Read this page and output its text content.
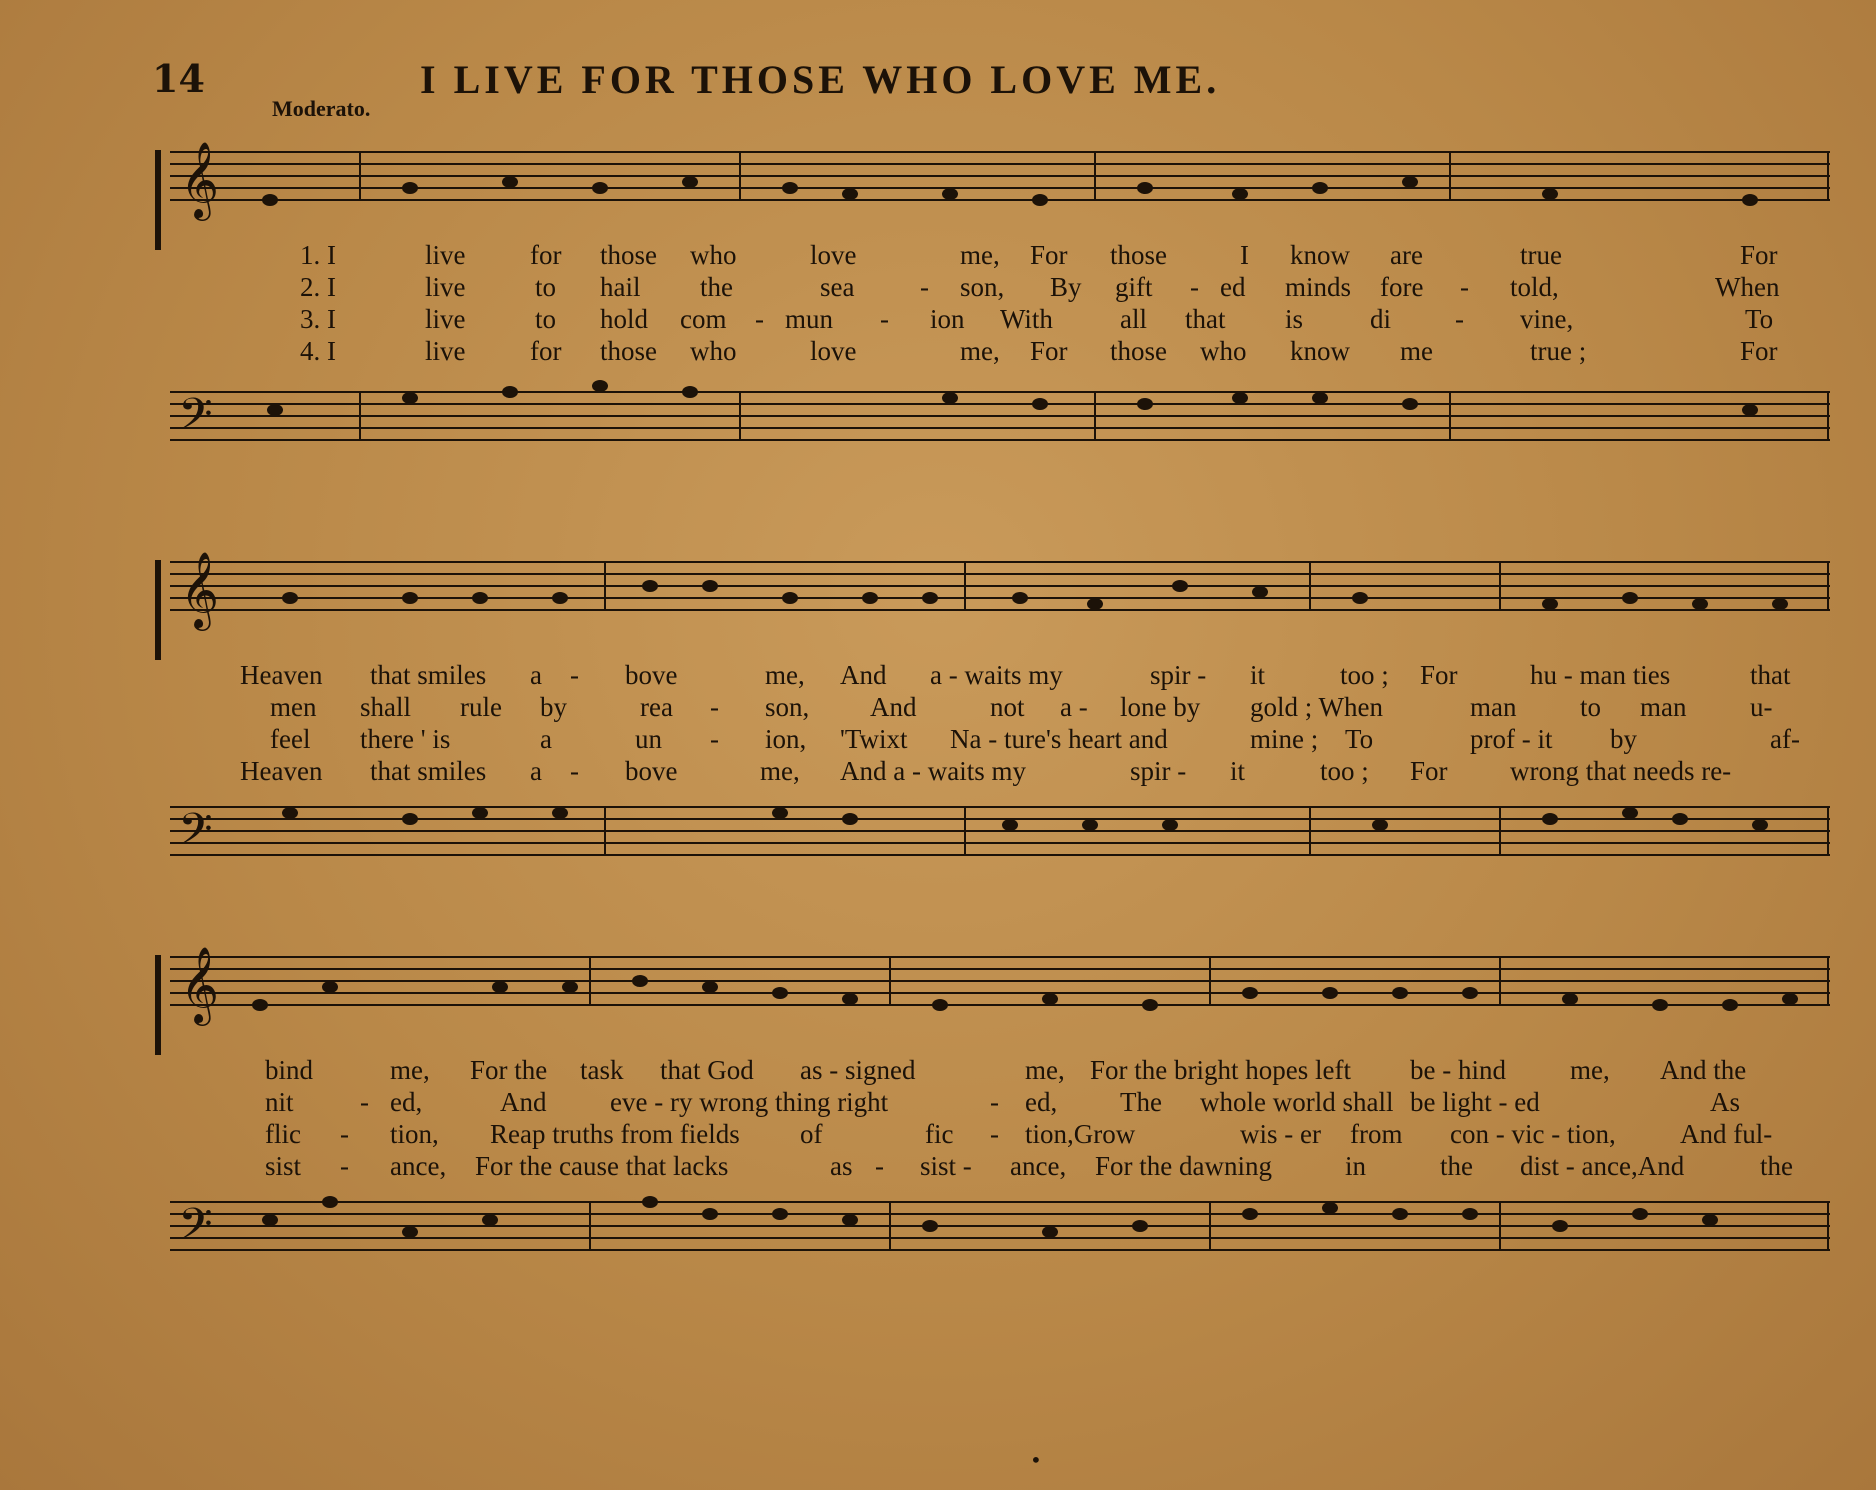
14	I LIVE FOR THOSE WHO LOVE ME.
Moderato.
𝄞
1. I	live for those who	love	me, For those	I know are	true	For
2. I	live	to hail the	sea - son, By gift - ed minds fore - told,	When
3. I	live	to hold com - mun - ion With all that is di - vine,	To
4. I	live for those who	love	me, For those who know me	true ;	For
𝄢
𝄞
Heaven that smiles a - bove	me, And a - waits my	spir - it	too ; For	hu - man ties	that
men shall rule by	rea - son, And	not a - lone by gold ; When	man to man u-
feel there ' is	a	un - ion, 'Twixt Na - ture's heart and	mine ; To	prof - it by	af-
Heaven that smiles a - bove	me, And a - waits my	spir - it	too ; For wrong that needs re-
𝄢
𝄞
bind	me, For the task that God as - signed	me, For the bright hopes left be - hind me, And the
nit - ed,	And eve - ry wrong thing right	- ed, The whole world shall be light - ed	As
flic - tion, Reap truths from fields of	fic - tion,Grow	wis - er from con - vic - tion, And ful-
sist - ance, For the cause that lacks	as - sist - ance, For the dawning	in	the dist - ance,And	the
𝄢
•
